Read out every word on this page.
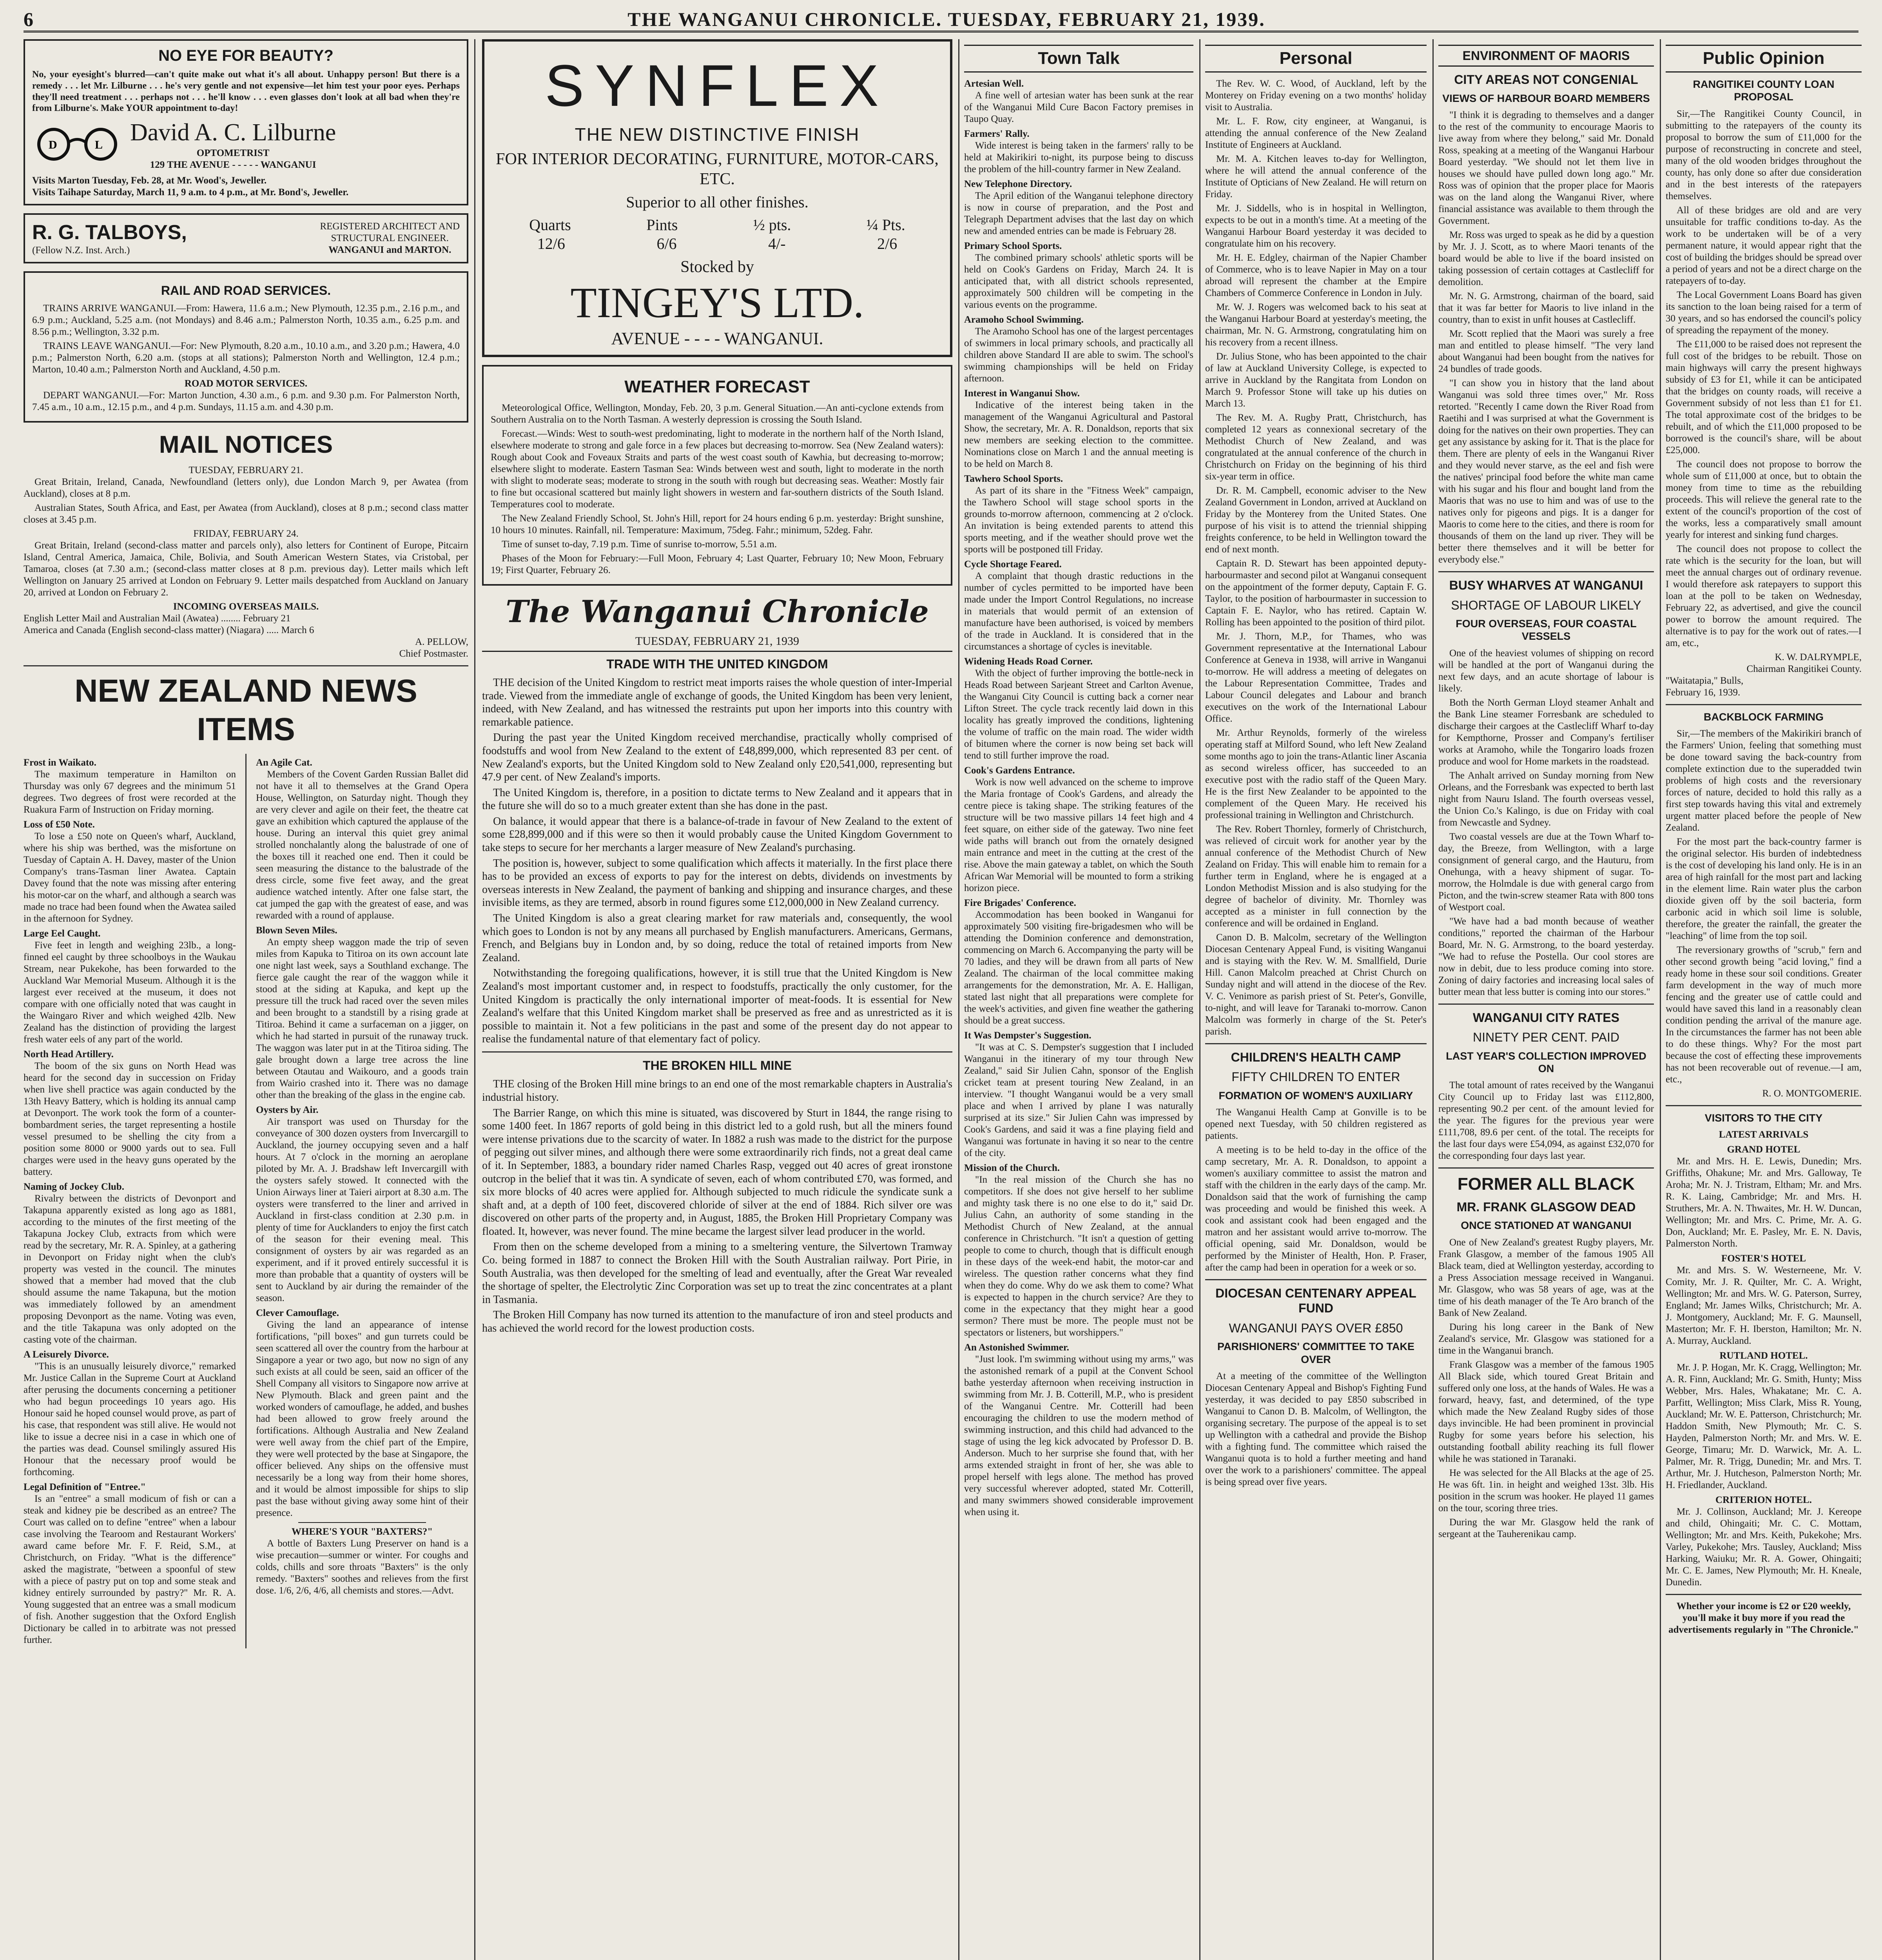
6	THE WANGANUI CHRONICLE. TUESDAY, FEBRUARY 21, 1939.
NO EYE FOR BEAUTY?

No, your eyesight's blurred—can't quite make out what it's all about. Unhappy person! But there is a remedy . . . let Mr. Lilburne . . . he's very gentle and not expensive—let him test your poor eyes. Perhaps they'll need treatment . . . perhaps not . . . he'll know . . . even glasses don't look at all bad when they're from Lilburne's. Make YOUR appointment to-day!

D	L David A. C. Lilburne
OPTOMETRIST
129 THE AVENUE - - - - - WANGANUI
Visits Marton Tuesday, Feb. 28, at Mr. Wood's, Jeweller.
Visits Taihape Saturday, March 11, 9 a.m. to 4 p.m., at Mr. Bond's, Jeweller.
R. G. TALBOYS,
(Fellow N.Z. Inst. Arch.)
REGISTERED ARCHITECT AND
STRUCTURAL ENGINEER.
WANGANUI and MARTON.
RAIL AND ROAD SERVICES.

TRAINS ARRIVE WANGANUI.—From: Hawera, 11.6 a.m.; New Plymouth, 12.35 p.m., 2.16 p.m., and 6.9 p.m.; Auckland, 5.25 a.m. (not Mondays) and 8.46 a.m.; Palmerston North, 10.35 a.m., 6.25 p.m. and 8.56 p.m.; Wellington, 3.32 p.m.

TRAINS LEAVE WANGANUI.—For: New Plymouth, 8.20 a.m., 10.10 a.m., and 3.20 p.m.; Hawera, 4.0 p.m.; Palmerston North, 6.20 a.m. (stops at all stations); Palmerston North and Wellington, 12.4 p.m.; Marton, 10.40 a.m.; Palmerston North and Auckland, 4.50 p.m.

ROAD MOTOR SERVICES.

DEPART WANGANUI.—For: Marton Junction, 4.30 a.m., 6 p.m. and 9.30 p.m. For Palmerston North, 7.45 a.m., 10 a.m., 12.15 p.m., and 4 p.m. Sundays, 11.15 a.m. and 4.30 p.m.

MAIL NOTICES
TUESDAY, FEBRUARY 21.

Great Britain, Ireland, Canada, Newfoundland (letters only), due London March 9, per Awatea (from Auckland), closes at 8 p.m.

Australian States, South Africa, and East, per Awatea (from Auckland), closes at 8 p.m.; second class matter closes at 3.45 p.m.

FRIDAY, FEBRUARY 24.

Great Britain, Ireland (second-class matter and parcels only), also letters for Continent of Europe, Pitcairn Island, Central America, Jamaica, Chile, Bolivia, and South American Western States, via Cristobal, per Tamaroa, closes (at 7.30 a.m.; (second-class matter closes at 8 p.m. previous day). Letter mails which left Wellington on January 25 arrived at London on February 9. Letter mails despatched from Auckland on January 20, arrived at London on February 2.

INCOMING OVERSEAS MAILS.
English Letter Mail and Australian Mail (Awatea) ........ February 21
America and Canada (English second-class matter) (Niagara) ..... March 6
A. PELLOW,
Chief Postmaster.
NEW ZEALAND NEWS ITEMS
Frost in Waikato.

The maximum temperature in Hamilton on Thursday was only 67 degrees and the minimum 51 degrees. Two degrees of frost were recorded at the Ruakura Farm of Instruction on Friday morning.

Loss of £50 Note.

To lose a £50 note on Queen's wharf, Auckland, where his ship was berthed, was the misfortune on Tuesday of Captain A. H. Davey, master of the Union Company's trans-Tasman liner Awatea. Captain Davey found that the note was missing after entering his motor-car on the wharf, and although a search was made no trace had been found when the Awatea sailed in the afternoon for Sydney.

Large Eel Caught.

Five feet in length and weighing 23lb., a long-finned eel caught by three schoolboys in the Waukau Stream, near Pukekohe, has been forwarded to the Auckland War Memorial Museum. Although it is the largest ever received at the museum, it does not compare with one officially noted that was caught in the Waingaro River and which weighed 42lb. New Zealand has the distinction of providing the largest fresh water eels of any part of the world.

North Head Artillery.

The boom of the six guns on North Head was heard for the second day in succession on Friday when live shell practice was again conducted by the 13th Heavy Battery, which is holding its annual camp at Devonport. The work took the form of a counter-bombardment series, the target representing a hostile vessel presumed to be shelling the city from a position some 8000 or 9000 yards out to sea. Full charges were used in the heavy guns operated by the battery.

Naming of Jockey Club.

Rivalry between the districts of Devonport and Takapuna apparently existed as long ago as 1881, according to the minutes of the first meeting of the Takapuna Jockey Club, extracts from which were read by the secretary, Mr. R. A. Spinley, at a gathering in Devonport on Friday night when the club's property was vested in the council. The minutes showed that a member had moved that the club should assume the name Takapuna, but the motion was immediately followed by an amendment proposing Devonport as the name. Voting was even, and the title Takapuna was only adopted on the casting vote of the chairman.

A Leisurely Divorce.

"This is an unusually leisurely divorce," remarked Mr. Justice Callan in the Supreme Court at Auckland after perusing the documents concerning a petitioner who had begun proceedings 10 years ago. His Honour said he hoped counsel would prove, as part of his case, that respondent was still alive. He would not like to issue a decree nisi in a case in which one of the parties was dead. Counsel smilingly assured His Honour that the necessary proof would be forthcoming.

Legal Definition of "Entree."

Is an "entree" a small modicum of fish or can a steak and kidney pie be described as an entree? The Court was called on to define "entree" when a labour case involving the Tearoom and Restaurant Workers' award came before Mr. F. F. Reid, S.M., at Christchurch, on Friday. "What is the difference" asked the magistrate, "between a spoonful of stew with a piece of pastry put on top and some steak and kidney entirely surrounded by pastry?" Mr. R. A. Young suggested that an entree was a small modicum of fish. Another suggestion that the Oxford English Dictionary be called in to arbitrate was not pressed further.

An Agile Cat.

Members of the Covent Garden Russian Ballet did not have it all to themselves at the Grand Opera House, Wellington, on Saturday night. Though they are very clever and agile on their feet, the theatre cat gave an exhibition which captured the applause of the house. During an interval this quiet grey animal strolled nonchalantly along the balustrade of one of the boxes till it reached one end. Then it could be seen measuring the distance to the balustrade of the dress circle, some five feet away, and the great audience watched intently. After one false start, the cat jumped the gap with the greatest of ease, and was rewarded with a round of applause.

Blown Seven Miles.

An empty sheep waggon made the trip of seven miles from Kapuka to Titiroa on its own account late one night last week, says a Southland exchange. The fierce gale caught the rear of the waggon while it stood at the siding at Kapuka, and kept up the pressure till the truck had raced over the seven miles and been brought to a standstill by a rising grade at Titiroa. Behind it came a surfaceman on a jigger, on which he had started in pursuit of the runaway truck. The waggon was later put in at the Titiroa siding. The gale brought down a large tree across the line between Otautau and Waikouro, and a goods train from Wairio crashed into it. There was no damage other than the breaking of the glass in the engine cab.

Oysters by Air.

Air transport was used on Thursday for the conveyance of 300 dozen oysters from Invercargill to Auckland, the journey occupying seven and a half hours. At 7 o'clock in the morning an aeroplane piloted by Mr. A. J. Bradshaw left Invercargill with the oysters safely stowed. It connected with the Union Airways liner at Taieri airport at 8.30 a.m. The oysters were transferred to the liner and arrived in Auckland in first-class condition at 2.30 p.m. in plenty of time for Aucklanders to enjoy the first catch of the season for their evening meal. This consignment of oysters by air was regarded as an experiment, and if it proved entirely successful it is more than probable that a quantity of oysters will be sent to Auckland by air during the remainder of the season.

Clever Camouflage.

Giving the land an appearance of intense fortifications, "pill boxes" and gun turrets could be seen scattered all over the country from the harbour at Singapore a year or two ago, but now no sign of any such exists at all could be seen, said an officer of the Shell Company all visitors to Singapore now arrive at New Plymouth. Black and green paint and the worked wonders of camouflage, he added, and bushes had been allowed to grow freely around the fortifications. Although Australia and New Zealand were well away from the chief part of the Empire, they were well protected by the base at Singapore, the officer believed. Any ships on the offensive must necessarily be a long way from their home shores, and it would be almost impossible for ships to slip past the base without giving away some hint of their presence.

WHERE'S YOUR "BAXTERS?"

A bottle of Baxters Lung Preserver on hand is a wise precaution—summer or winter. For coughs and colds, chills and sore throats "Baxters" is the only remedy. "Baxters" soothes and relieves from the first dose. 1/6, 2/6, 4/6, all chemists and stores.—Advt.

SYNFLEX
THE NEW DISTINCTIVE FINISH
FOR INTERIOR DECORATING, FURNITURE, MOTOR-CARS, ETC.
Superior to all other finishes.
Quarts	Pints	½ pts.	¼ Pts.
12/6	6/6	4/-	2/6
Stocked by
TINGEY'S LTD.
AVENUE - - - - WANGANUI.
WEATHER FORECAST

Meteorological Office, Wellington, Monday, Feb. 20, 3 p.m. General Situation.—An anti-cyclone extends from Southern Australia on to the North Tasman. A westerly depression is crossing the South Island.

Forecast.—Winds: West to south-west predominating, light to moderate in the northern half of the North Island, elsewhere moderate to strong and gale force in a few places but decreasing to-morrow. Sea (New Zealand waters): Rough about Cook and Foveaux Straits and parts of the west coast south of Kawhia, but decreasing to-morrow; elsewhere slight to moderate. Eastern Tasman Sea: Winds between west and south, light to moderate in the north with slight to moderate seas; moderate to strong in the south with rough but decreasing seas. Weather: Mostly fair to fine but occasional scattered but mainly light showers in western and far-southern districts of the South Island. Temperatures cool to moderate.

The New Zealand Friendly School, St. John's Hill, report for 24 hours ending 6 p.m. yesterday: Bright sunshine, 10 hours 10 minutes. Rainfall, nil. Temperature: Maximum, 75deg. Fahr.; minimum, 52deg. Fahr.

Time of sunset to-day, 7.19 p.m. Time of sunrise to-morrow, 5.51 a.m.

Phases of the Moon for February:—Full Moon, February 4; Last Quarter, February 10; New Moon, February 19; First Quarter, February 26.

The Wanganui Chronicle
TUESDAY, FEBRUARY 21, 1939
TRADE WITH THE UNITED KINGDOM

THE decision of the United Kingdom to restrict meat imports raises the whole question of inter-Imperial trade. Viewed from the immediate angle of exchange of goods, the United Kingdom has been very lenient, indeed, with New Zealand, and has witnessed the restraints put upon her imports into this country with remarkable patience.

During the past year the United Kingdom received merchandise, practically wholly comprised of foodstuffs and wool from New Zealand to the extent of £48,899,000, which represented 83 per cent. of New Zealand's exports, but the United Kingdom sold to New Zealand only £20,541,000, representing but 47.9 per cent. of New Zealand's imports.

The United Kingdom is, therefore, in a position to dictate terms to New Zealand and it appears that in the future she will do so to a much greater extent than she has done in the past.

On balance, it would appear that there is a balance-of-trade in favour of New Zealand to the extent of some £28,899,000 and if this were so then it would probably cause the United Kingdom Government to take steps to secure for her merchants a larger measure of New Zealand's purchasing.

The position is, however, subject to some qualification which affects it materially. In the first place there has to be provided an excess of exports to pay for the interest on debts, dividends on investments by overseas interests in New Zealand, the payment of banking and shipping and insurance charges, and these invisible items, as they are termed, absorb in round figures some £12,000,000 in New Zealand currency.

The United Kingdom is also a great clearing market for raw materials and, consequently, the wool which goes to London is not by any means all purchased by English manufacturers. Americans, Germans, French, and Belgians buy in London and, by so doing, reduce the total of retained imports from New Zealand.

Notwithstanding the foregoing qualifications, however, it is still true that the United Kingdom is New Zealand's most important customer and, in respect to foodstuffs, practically the only customer, for the United Kingdom is practically the only international importer of meat-foods. It is essential for New Zealand's welfare that this United Kingdom market shall be preserved as free and as unrestricted as it is possible to maintain it. Not a few politicians in the past and some of the present day do not appear to realise the fundamental nature of that elementary fact of policy.

THE BROKEN HILL MINE

THE closing of the Broken Hill mine brings to an end one of the most remarkable chapters in Australia's industrial history.

The Barrier Range, on which this mine is situated, was discovered by Sturt in 1844, the range rising to some 1400 feet. In 1867 reports of gold being in this district led to a gold rush, but all the miners found were intense privations due to the scarcity of water. In 1882 a rush was made to the district for the purpose of pegging out silver mines, and although there were some extraordinarily rich finds, not a great deal came of it. In September, 1883, a boundary rider named Charles Rasp, vegged out 40 acres of great ironstone outcrop in the belief that it was tin. A syndicate of seven, each of whom contributed £70, was formed, and six more blocks of 40 acres were applied for. Although subjected to much ridicule the syndicate sunk a shaft and, at a depth of 100 feet, discovered chloride of silver at the end of 1884. Rich silver ore was discovered on other parts of the property and, in August, 1885, the Broken Hill Proprietary Company was floated. It, however, was never found. The mine became the largest silver lead producer in the world.

From then on the scheme developed from a mining to a smeltering venture, the Silvertown Tramway Co. being formed in 1887 to connect the Broken Hill with the South Australian railway. Port Pirie, in South Australia, was then developed for the smelting of lead and eventually, after the Great War revealed the shortage of spelter, the Electrolytic Zinc Corporation was set up to treat the zinc concentrates at a plant in Tasmania.

The Broken Hill Company has now turned its attention to the manufacture of iron and steel products and has achieved the world record for the lowest production costs.

Town Talk
Artesian Well.

A fine well of artesian water has been sunk at the rear of the Wanganui Mild Cure Bacon Factory premises in Taupo Quay.

Farmers' Rally.

Wide interest is being taken in the farmers' rally to be held at Makirikiri to-night, its purpose being to discuss the problem of the hill-country farmer in New Zealand.

New Telephone Directory.

The April edition of the Wanganui telephone directory is now in course of preparation, and the Post and Telegraph Department advises that the last day on which new and amended entries can be made is February 28.

Primary School Sports.

The combined primary schools' athletic sports will be held on Cook's Gardens on Friday, March 24. It is anticipated that, with all district schools represented, approximately 500 children will be competing in the various events on the programme.

Aramoho School Swimming.

The Aramoho School has one of the largest percentages of swimmers in local primary schools, and practically all children above Standard II are able to swim. The school's swimming championships will be held on Friday afternoon.

Interest in Wanganui Show.

Indicative of the interest being taken in the management of the Wanganui Agricultural and Pastoral Show, the secretary, Mr. A. R. Donaldson, reports that six new members are seeking election to the committee. Nominations close on March 1 and the annual meeting is to be held on March 8.

Tawhero School Sports.

As part of its share in the "Fitness Week" campaign, the Tawhero School will stage school sports in the grounds to-morrow afternoon, commencing at 2 o'clock. An invitation is being extended parents to attend this sports meeting, and if the weather should prove wet the sports will be postponed till Friday.

Cycle Shortage Feared.

A complaint that though drastic reductions in the number of cycles permitted to be imported have been made under the Import Control Regulations, no increase in materials that would permit of an extension of manufacture have been authorised, is voiced by members of the trade in Auckland. It is considered that in the circumstances a shortage of cycles is inevitable.

Widening Heads Road Corner.

With the object of further improving the bottle-neck in Heads Road between Sarjeant Street and Carlton Avenue, the Wanganui City Council is cutting back a corner near Lifton Street. The cycle track recently laid down in this locality has greatly improved the conditions, lightening the volume of traffic on the main road. The wider width of bitumen where the corner is now being set back will tend to still further improve the road.

Cook's Gardens Entrance.

Work is now well advanced on the scheme to improve the Maria frontage of Cook's Gardens, and already the centre piece is taking shape. The striking features of the structure will be two massive pillars 14 feet high and 4 feet square, on either side of the gateway. Two nine feet wide paths will branch out from the ornately designed main entrance and meet in the cutting at the crest of the rise. Above the main gateway a tablet, on which the South African War Memorial will be mounted to form a striking horizon piece.

Fire Brigades' Conference.

Accommodation has been booked in Wanganui for approximately 500 visiting fire-brigadesmen who will be attending the Dominion conference and demonstration, commencing on March 6. Accompanying the party will be 70 ladies, and they will be drawn from all parts of New Zealand. The chairman of the local committee making arrangements for the demonstration, Mr. A. E. Halligan, stated last night that all preparations were complete for the week's activities, and given fine weather the gathering should be a great success.

It Was Dempster's Suggestion.

"It was at C. S. Dempster's suggestion that I included Wanganui in the itinerary of my tour through New Zealand," said Sir Julien Cahn, sponsor of the English cricket team at present touring New Zealand, in an interview. "I thought Wanganui would be a very small place and when I arrived by plane I was naturally surprised at its size." Sir Julien Cahn was impressed by Cook's Gardens, and said it was a fine playing field and Wanganui was fortunate in having it so near to the centre of the city.

Mission of the Church.

"In the real mission of the Church she has no competitors. If she does not give herself to her sublime and mighty task there is no one else to do it," said Dr. Julius Cahn, an authority of some standing in the Methodist Church of New Zealand, at the annual conference in Christchurch. "It isn't a question of getting people to come to church, though that is difficult enough in these days of the week-end habit, the motor-car and wireless. The question rather concerns what they find when they do come. Why do we ask them to come? What is expected to happen in the church service? Are they to come in the expectancy that they might hear a good sermon? There must be more. The people must not be spectators or listeners, but worshippers."

An Astonished Swimmer.

"Just look. I'm swimming without using my arms," was the astonished remark of a pupil at the Convent School bathe yesterday afternoon when receiving instruction in swimming from Mr. J. B. Cotterill, M.P., who is president of the Wanganui Centre. Mr. Cotterill had been encouraging the children to use the modern method of swimming instruction, and this child had advanced to the stage of using the leg kick advocated by Professor D. B. Anderson. Much to her surprise she found that, with her arms extended straight in front of her, she was able to propel herself with legs alone. The method has proved very successful wherever adopted, stated Mr. Cotterill, and many swimmers showed considerable improvement when using it.

Personal

The Rev. W. C. Wood, of Auckland, left by the Monterey on Friday evening on a two months' holiday visit to Australia.

Mr. L. F. Row, city engineer, at Wanganui, is attending the annual conference of the New Zealand Institute of Engineers at Auckland.

Mr. M. A. Kitchen leaves to-day for Wellington, where he will attend the annual conference of the Institute of Opticians of New Zealand. He will return on Friday.

Mr. J. Siddells, who is in hospital in Wellington, expects to be out in a month's time. At a meeting of the Wanganui Harbour Board yesterday it was decided to congratulate him on his recovery.

Mr. H. E. Edgley, chairman of the Napier Chamber of Commerce, who is to leave Napier in May on a tour abroad will represent the chamber at the Empire Chambers of Commerce Conference in London in July.

Mr. W. J. Rogers was welcomed back to his seat at the Wanganui Harbour Board at yesterday's meeting, the chairman, Mr. N. G. Armstrong, congratulating him on his recovery from a recent illness.

Dr. Julius Stone, who has been appointed to the chair of law at Auckland University College, is expected to arrive in Auckland by the Rangitata from London on March 9. Professor Stone will take up his duties on March 13.

The Rev. M. A. Rugby Pratt, Christchurch, has completed 12 years as connexional secretary of the Methodist Church of New Zealand, and was congratulated at the annual conference of the church in Christchurch on Friday on the beginning of his third six-year term in office.

Dr. R. M. Campbell, economic adviser to the New Zealand Government in London, arrived at Auckland on Friday by the Monterey from the United States. One purpose of his visit is to attend the triennial shipping freights conference, to be held in Wellington toward the end of next month.

Captain R. D. Stewart has been appointed deputy-harbourmaster and second pilot at Wanganui consequent on the appointment of the former deputy, Captain F. G. Taylor, to the position of harbourmaster in succession to Captain F. E. Naylor, who has retired. Captain W. Rolling has been appointed to the position of third pilot.

Mr. J. Thorn, M.P., for Thames, who was Government representative at the International Labour Conference at Geneva in 1938, will arrive in Wanganui to-morrow. He will address a meeting of delegates on the Labour Representation Committee, Trades and Labour Council delegates and Labour and branch executives on the work of the International Labour Office.

Mr. Arthur Reynolds, formerly of the wireless operating staff at Milford Sound, who left New Zealand some months ago to join the trans-Atlantic liner Ascania as second wireless officer, has succeeded to an executive post with the radio staff of the Queen Mary. He is the first New Zealander to be appointed to the complement of the Queen Mary. He received his professional training in Wellington and Christchurch.

The Rev. Robert Thornley, formerly of Christchurch, was relieved of circuit work for another year by the annual conference of the Methodist Church of New Zealand on Friday. This will enable him to remain for a further term in England, where he is engaged at a London Methodist Mission and is also studying for the degree of bachelor of divinity. Mr. Thornley was accepted as a minister in full connection by the conference and will be ordained in England.

Canon D. B. Malcolm, secretary of the Wellington Diocesan Centenary Appeal Fund, is visiting Wanganui and is staying with the Rev. W. M. Smallfield, Durie Hill. Canon Malcolm preached at Christ Church on Sunday night and will attend in the diocese of the Rev. V. C. Venimore as parish priest of St. Peter's, Gonville, to-night, and will leave for Taranaki to-morrow. Canon Malcolm was formerly in charge of the St. Peter's parish.

CHILDREN'S HEALTH CAMP
FIFTY CHILDREN TO ENTER
FORMATION OF WOMEN'S AUXILIARY

The Wanganui Health Camp at Gonville is to be opened next Tuesday, with 50 children registered as patients.

A meeting is to be held to-day in the office of the camp secretary, Mr. A. R. Donaldson, to appoint a women's auxiliary committee to assist the matron and staff with the children in the early days of the camp. Mr. Donaldson said that the work of furnishing the camp was proceeding and would be finished this week. A cook and assistant cook had been engaged and the matron and her assistant would arrive to-morrow. The official opening, said Mr. Donaldson, would be performed by the Minister of Health, Hon. P. Fraser, after the camp had been in operation for a week or so.

DIOCESAN CENTENARY APPEAL FUND
WANGANUI PAYS OVER £850
PARISHIONERS' COMMITTEE TO TAKE OVER

At a meeting of the committee of the Wellington Diocesan Centenary Appeal and Bishop's Fighting Fund yesterday, it was decided to pay £850 subscribed in Wanganui to Canon D. B. Malcolm, of Wellington, the organising secretary. The purpose of the appeal is to set up Wellington with a cathedral and provide the Bishop with a fighting fund. The committee which raised the Wanganui quota is to hold a further meeting and hand over the work to a parishioners' committee. The appeal is being spread over five years.

ENVIRONMENT OF MAORIS
CITY AREAS NOT CONGENIAL
VIEWS OF HARBOUR BOARD MEMBERS

"I think it is degrading to themselves and a danger to the rest of the community to encourage Maoris to live away from where they belong," said Mr. Donald Ross, speaking at a meeting of the Wanganui Harbour Board yesterday. "We should not let them live in houses we should have pulled down long ago." Mr. Ross was of opinion that the proper place for Maoris was on the land along the Wanganui River, where financial assistance was available to them through the Government.

Mr. Ross was urged to speak as he did by a question by Mr. J. J. Scott, as to where Maori tenants of the board would be able to live if the board insisted on taking possession of certain cottages at Castlecliff for demolition.

Mr. N. G. Armstrong, chairman of the board, said that it was far better for Maoris to live inland in the country, than to exist in unfit houses at Castlecliff.

Mr. Scott replied that the Maori was surely a free man and entitled to please himself. "The very land about Wanganui had been bought from the natives for 24 bundles of trade goods.

"I can show you in history that the land about Wanganui was sold three times over," Mr. Ross retorted. "Recently I came down the River Road from Raetihi and I was surprised at what the Government is doing for the natives on their own properties. They can get any assistance by asking for it. That is the place for them. There are plenty of eels in the Wanganui River and they would never starve, as the eel and fish were the natives' principal food before the white man came with his sugar and his flour and bought land from the Maoris that was no use to him and was of use to the natives only for pigeons and pigs. It is a danger for Maoris to come here to the cities, and there is room for thousands of them on the land up river. They will be better there themselves and it will be better for everybody else."

BUSY WHARVES AT WANGANUI
SHORTAGE OF LABOUR LIKELY
FOUR OVERSEAS, FOUR COASTAL VESSELS

One of the heaviest volumes of shipping on record will be handled at the port of Wanganui during the next few days, and an acute shortage of labour is likely.

Both the North German Lloyd steamer Anhalt and the Bank Line steamer Forresbank are scheduled to discharge their cargoes at the Castlecliff Wharf to-day for Kempthorne, Prosser and Company's fertiliser works at Aramoho, while the Tongariro loads frozen produce and wool for Home markets in the roadstead.

The Anhalt arrived on Sunday morning from New Orleans, and the Forresbank was expected to berth last night from Nauru Island. The fourth overseas vessel, the Union Co.'s Kalingo, is due on Friday with coal from Newcastle and Sydney.

Two coastal vessels are due at the Town Wharf to-day, the Breeze, from Wellington, with a large consignment of general cargo, and the Hauturu, from Onehunga, with a heavy shipment of sugar. To-morrow, the Holmdale is due with general cargo from Picton, and the twin-screw steamer Rata with 800 tons of Westport coal.

"We have had a bad month because of weather conditions," reported the chairman of the Harbour Board, Mr. N. G. Armstrong, to the board yesterday. "We had to refuse the Postella. Our cool stores are now in debit, due to less produce coming into store. Zoning of dairy factories and increasing local sales of butter mean that less butter is coming into our stores."

WANGANUI CITY RATES
NINETY PER CENT. PAID
LAST YEAR'S COLLECTION IMPROVED ON

The total amount of rates received by the Wanganui City Council up to Friday last was £112,800, representing 90.2 per cent. of the amount levied for the year. The figures for the previous year were £111,708, 89.6 per cent. of the total. The receipts for the last four days were £54,094, as against £32,070 for the corresponding four days last year.

FORMER ALL BLACK
MR. FRANK GLASGOW DEAD
ONCE STATIONED AT WANGANUI

One of New Zealand's greatest Rugby players, Mr. Frank Glasgow, a member of the famous 1905 All Black team, died at Wellington yesterday, according to a Press Association message received in Wanganui. Mr. Glasgow, who was 58 years of age, was at the time of his death manager of the Te Aro branch of the Bank of New Zealand.

During his long career in the Bank of New Zealand's service, Mr. Glasgow was stationed for a time in the Wanganui branch.

Frank Glasgow was a member of the famous 1905 All Black side, which toured Great Britain and suffered only one loss, at the hands of Wales. He was a forward, heavy, fast, and determined, of the type which made the New Zealand Rugby sides of those days invincible. He had been prominent in provincial Rugby for some years before his selection, his outstanding football ability reaching its full flower while he was stationed in Taranaki.

He was selected for the All Blacks at the age of 25. He was 6ft. 1in. in height and weighed 13st. 3lb. His position in the scrum was hooker. He played 11 games on the tour, scoring three tries.

During the war Mr. Glasgow held the rank of sergeant at the Tauherenikau camp.

Public Opinion
RANGITIKEI COUNTY LOAN PROPOSAL

Sir,—The Rangitikei County Council, in submitting to the ratepayers of the county its proposal to borrow the sum of £11,000 for the purpose of reconstructing in concrete and steel, many of the old wooden bridges throughout the county, has only done so after due consideration and in the best interests of the ratepayers themselves.

All of these bridges are old and are very unsuitable for traffic conditions to-day. As the work to be undertaken will be of a very permanent nature, it would appear right that the cost of building the bridges should be spread over a period of years and not be a direct charge on the ratepayers of to-day.

The Local Government Loans Board has given its sanction to the loan being raised for a term of 30 years, and so has endorsed the council's policy of spreading the repayment of the money.

The £11,000 to be raised does not represent the full cost of the bridges to be rebuilt. Those on main highways will carry the present highways subsidy of £3 for £1, while it can be anticipated that the bridges on county roads, will receive a Government subsidy of not less than £1 for £1. The total approximate cost of the bridges to be rebuilt, and of which the £11,000 proposed to be borrowed is the council's share, will be about £25,000.

The council does not propose to borrow the whole sum of £11,000 at once, but to obtain the money from time to time as the rebuilding proceeds. This will relieve the general rate to the extent of the council's proportion of the cost of the works, less a comparatively small amount yearly for interest and sinking fund charges.

The council does not propose to collect the rate which is the security for the loan, but will meet the annual charges out of ordinary revenue. I would therefore ask ratepayers to support this loan at the poll to be taken on Wednesday, February 22, as advertised, and give the council power to borrow the amount required. The alternative is to pay for the work out of rates.—I am, etc.,

K. W. DALRYMPLE,
Chairman Rangitikei County.
"Waitatapia," Bulls,
February 16, 1939.
BACKBLOCK FARMING

Sir,—The members of the Makirikiri branch of the Farmers' Union, feeling that something must be done toward saving the back-country from complete extinction due to the superadded twin problems of high costs and the reversionary forces of nature, decided to hold this rally as a first step towards having this vital and extremely urgent matter placed before the people of New Zealand.

For the most part the back-country farmer is the original selector. His burden of indebtedness is the cost of developing his land only. He is in an area of high rainfall for the most part and lacking in the element lime. Rain water plus the carbon dioxide given off by the soil bacteria, form carbonic acid in which soil lime is soluble, therefore, the greater the rainfall, the greater the "leaching" of lime from the top soil.

The reversionary growths of "scrub," fern and other second growth being "acid loving," find a ready home in these sour soil conditions. Greater farm development in the way of much more fencing and the greater use of cattle could and would have saved this land in a reasonably clean condition pending the arrival of the manure age. In the circumstances the farmer has not been able to do these things. Why? For the most part because the cost of effecting these improvements has not been recoverable out of revenue.—I am, etc.,

R. O. MONTGOMERIE.
VISITORS TO THE CITY
LATEST ARRIVALS
GRAND HOTEL

Mr. and Mrs. H. E. Lewis, Dunedin; Mrs. Griffiths, Ohakune; Mr. and Mrs. Galloway, Te Aroha; Mr. N. J. Tristram, Eltham; Mr. and Mrs. R. K. Laing, Cambridge; Mr. and Mrs. H. Struthers, Mr. A. N. Thwaites, Mr. H. W. Duncan, Wellington; Mr. and Mrs. C. Prime, Mr. A. G. Don, Auckland; Mr. E. Pasley, Mr. E. N. Davis, Palmerston North.

FOSTER'S HOTEL

Mr. and Mrs. S. W. Westerneene, Mr. V. Comity, Mr. J. R. Quilter, Mr. C. A. Wright, Wellington; Mr. and Mrs. W. G. Paterson, Surrey, England; Mr. James Wilks, Christchurch; Mr. A. J. Montgomery, Auckland; Mr. F. G. Maunsell, Masterton; Mr. F. H. Iberston, Hamilton; Mr. N. A. Murray, Auckland.

RUTLAND HOTEL.

Mr. J. P. Hogan, Mr. K. Cragg, Wellington; Mr. A. R. Finn, Auckland; Mr. G. Smith, Hunty; Miss Webber, Mrs. Hales, Whakatane; Mr. C. A. Parfitt, Wellington; Miss Clark, Miss R. Young, Auckland; Mr. W. E. Patterson, Christchurch; Mr. Haddon Smith, New Plymouth; Mr. C. S. Hayden, Palmerston North; Mr. and Mrs. W. E. George, Timaru; Mr. D. Warwick, Mr. A. L. Palmer, Mr. R. Trigg, Dunedin; Mr. and Mrs. T. Arthur, Mr. J. Hutcheson, Palmerston North; Mr. H. Friedlander, Auckland.

CRITERION HOTEL.

Mr. J. Collinson, Auckland; Mr. J. Kereope and child, Ohingaiti; Mr. C. C. Mottam, Wellington; Mr. and Mrs. Keith, Pukekohe; Mrs. Varley, Pukekohe; Mrs. Tausley, Auckland; Miss Harking, Waiuku; Mr. R. A. Gower, Ohingaiti; Mr. C. E. James, New Plymouth; Mr. H. Kneale, Dunedin.

Whether your income is £2 or £20 weekly, you'll make it buy more if you read the advertisements regularly in "The Chronicle."
